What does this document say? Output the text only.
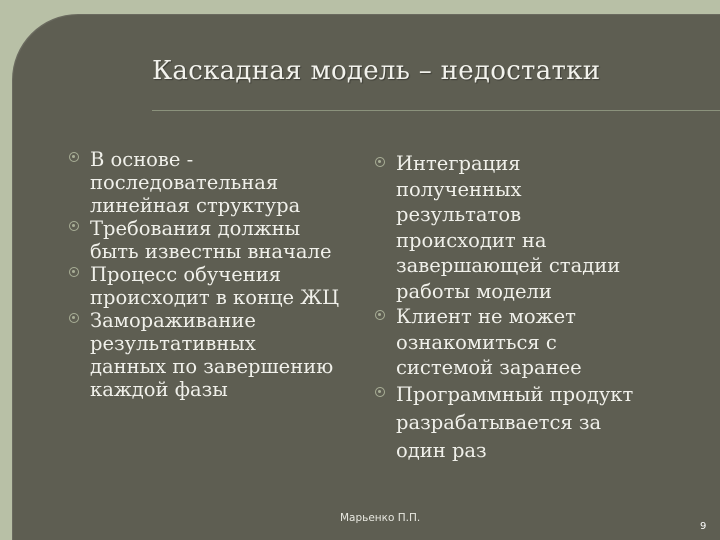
Каскадная модель – недостатки
В основе -
последовательная
линейная структура
Требования должны
быть известны вначале
Процесс обучения
происходит в конце ЖЦ
Замораживание
результативных
данных по завершению
каждой фазы
Интеграция
полученных
результатов
происходит на
завершающей стадии
работы модели
Клиент не может
ознакомиться с
системой заранее
Программный продукт
разрабатывается за
один раз
Марьенко П.П.
9
